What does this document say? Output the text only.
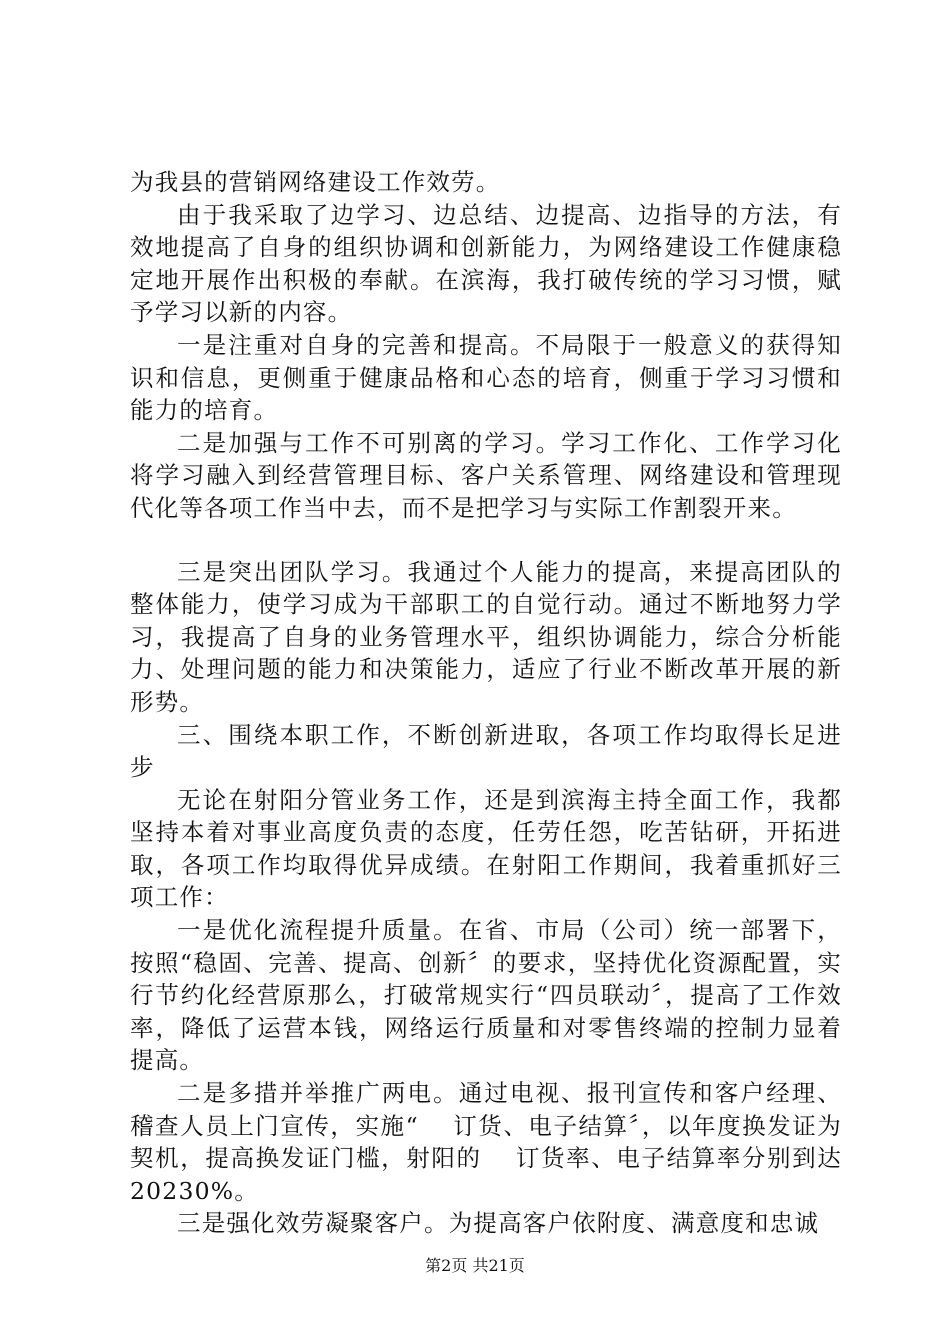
为我县的营销网络建设工作效劳。

由于我采取了边学习、边总结、边提高、边指导的方法，有效地提高了自身的组织协调和创新能力，为网络建设工作健康稳定地开展作出积极的奉献。在滨海，我打破传统的学习习惯，赋予学习以新的内容。

一是注重对自身的完善和提高。不局限于一般意义的获得知识和信息，更侧重于健康品格和心态的培育，侧重于学习习惯和能力的培育。

二是加强与工作不可别离的学习。学习工作化、工作学习化将学习融入到经营管理目标、客户关系管理、网络建设和管理现代化等各项工作当中去，而不是把学习与实际工作割裂开来。

三是突出团队学习。我通过个人能力的提高，来提高团队的整体能力，使学习成为干部职工的自觉行动。通过不断地努力学习，我提高了自身的业务管理水平，组织协调能力，综合分析能力、处理问题的能力和决策能力，适应了行业不断改革开展的新形势。

三、围绕本职工作，不断创新进取，各项工作均取得长足进步

无论在射阳分管业务工作，还是到滨海主持全面工作，我都坚持本着对事业高度负责的态度，任劳任怨，吃苦钻研，开拓进取，各项工作均取得优异成绩。在射阳工作期间，我着重抓好三项工作：

一是优化流程提升质量。在省、市局（公司）统一部署下，按照“稳固、完善、提高、创新〞的要求，坚持优化资源配置，实行节约化经营原那么，打破常规实行“四员联动〞，提高了工作效率，降低了运营本钱，网络运行质量和对零售终端的控制力显着提高。

二是多措并举推广两电。通过电视、报刊宣传和客户经理、稽查人员上门宣传，实施“　 订货、电子结算〞，以年度换发证为契机，提高换发证门槛，射阳的　 订货率、电子结算率分别到达20230%。

三是强化效劳凝聚客户。为提高客户依附度、满意度和忠诚

第2页 共21页
